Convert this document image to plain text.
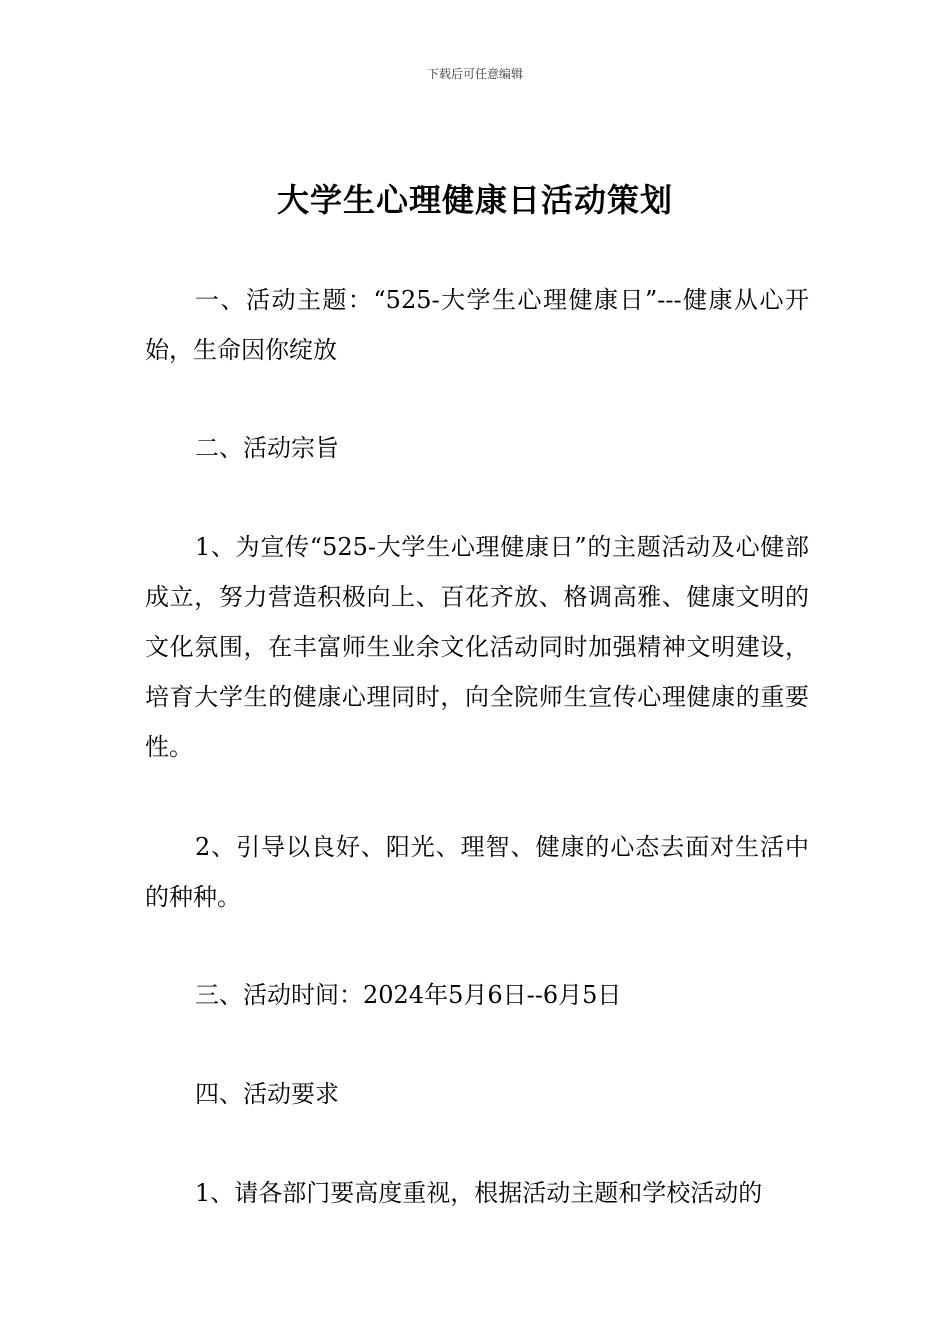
下载后可任意编辑
大学生心理健康日活动策划

一、活动主题：“525-大学生心理健康日”---健康从心开始，生命因你绽放

二、活动宗旨

1、为宣传“525-大学生心理健康日”的主题活动及心健部成立，努力营造积极向上、百花齐放、格调高雅、健康文明的文化氛围，在丰富师生业余文化活动同时加强精神文明建设，培育大学生的健康心理同时，向全院师生宣传心理健康的重要性。

2、引导以良好、阳光、理智、健康的心态去面对生活中的种种。

三、活动时间：2024年5月6日--6月5日

四、活动要求

1、请各部门要高度重视，根据活动主题和学校活动的
